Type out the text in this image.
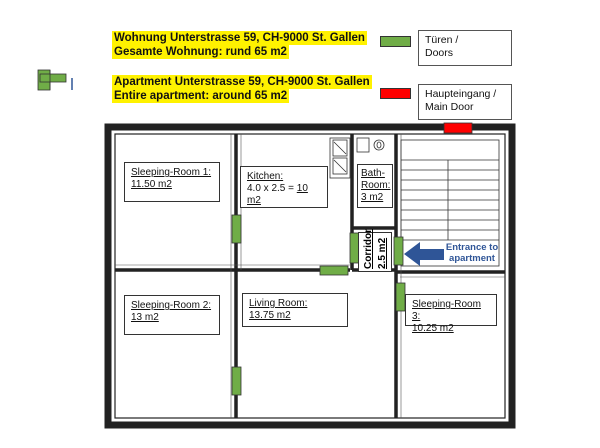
Wohnung Unterstrasse 59, CH-9000 St. Gallen
Gesamte Wohnung: rund 65 m2
Apartment Unterstrasse 59, CH-9000 St. Gallen
Entire apartment: around 65 m2
Türen /
Doors
Haupteingang /
Main Door
Sleeping-Room 1:
11.50 m2
Kitchen:
4.0 x 2.5 = 10 m2
Bath-
Room:
3 m2
Corridor 2.5 m2
Sleeping-Room 2:
13 m2
Living Room:
13.75 m2
Sleeping-Room 3:
10.25 m2
Entrance to
apartment
